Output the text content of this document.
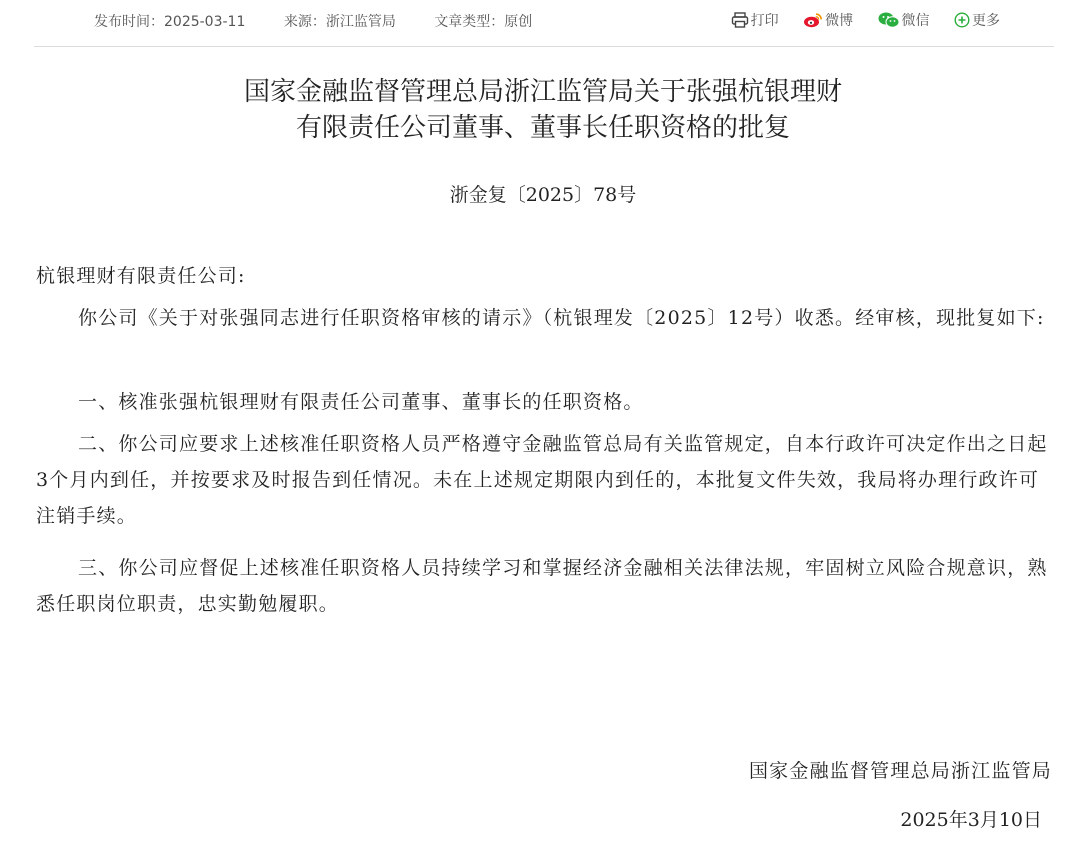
发布时间：2025-03-11	来源：浙江监管局	文章类型：原创	打印
	微博
	微信
	更多
国家金融监督管理总局浙江监管局关于张强杭银理财
有限责任公司董事、董事长任职资格的批复
浙金复〔2025〕78号
杭银理财有限责任公司:
你公司《关于对张强同志进行任职资格审核的请示》（杭银理发〔2025〕12号）收悉。经审核，现批复如下:
一、核准张强杭银理财有限责任公司董事、董事长的任职资格。
二、你公司应要求上述核准任职资格人员严格遵守金融监管总局有关监管规定，自本行政许可决定作出之日起3个月内到任，并按要求及时报告到任情况。未在上述规定期限内到任的，本批复文件失效，我局将办理行政许可注销手续。
三、你公司应督促上述核准任职资格人员持续学习和掌握经济金融相关法律法规，牢固树立风险合规意识，熟悉任职岗位职责，忠实勤勉履职。
国家金融监督管理总局浙江监管局
2025年3月10日
